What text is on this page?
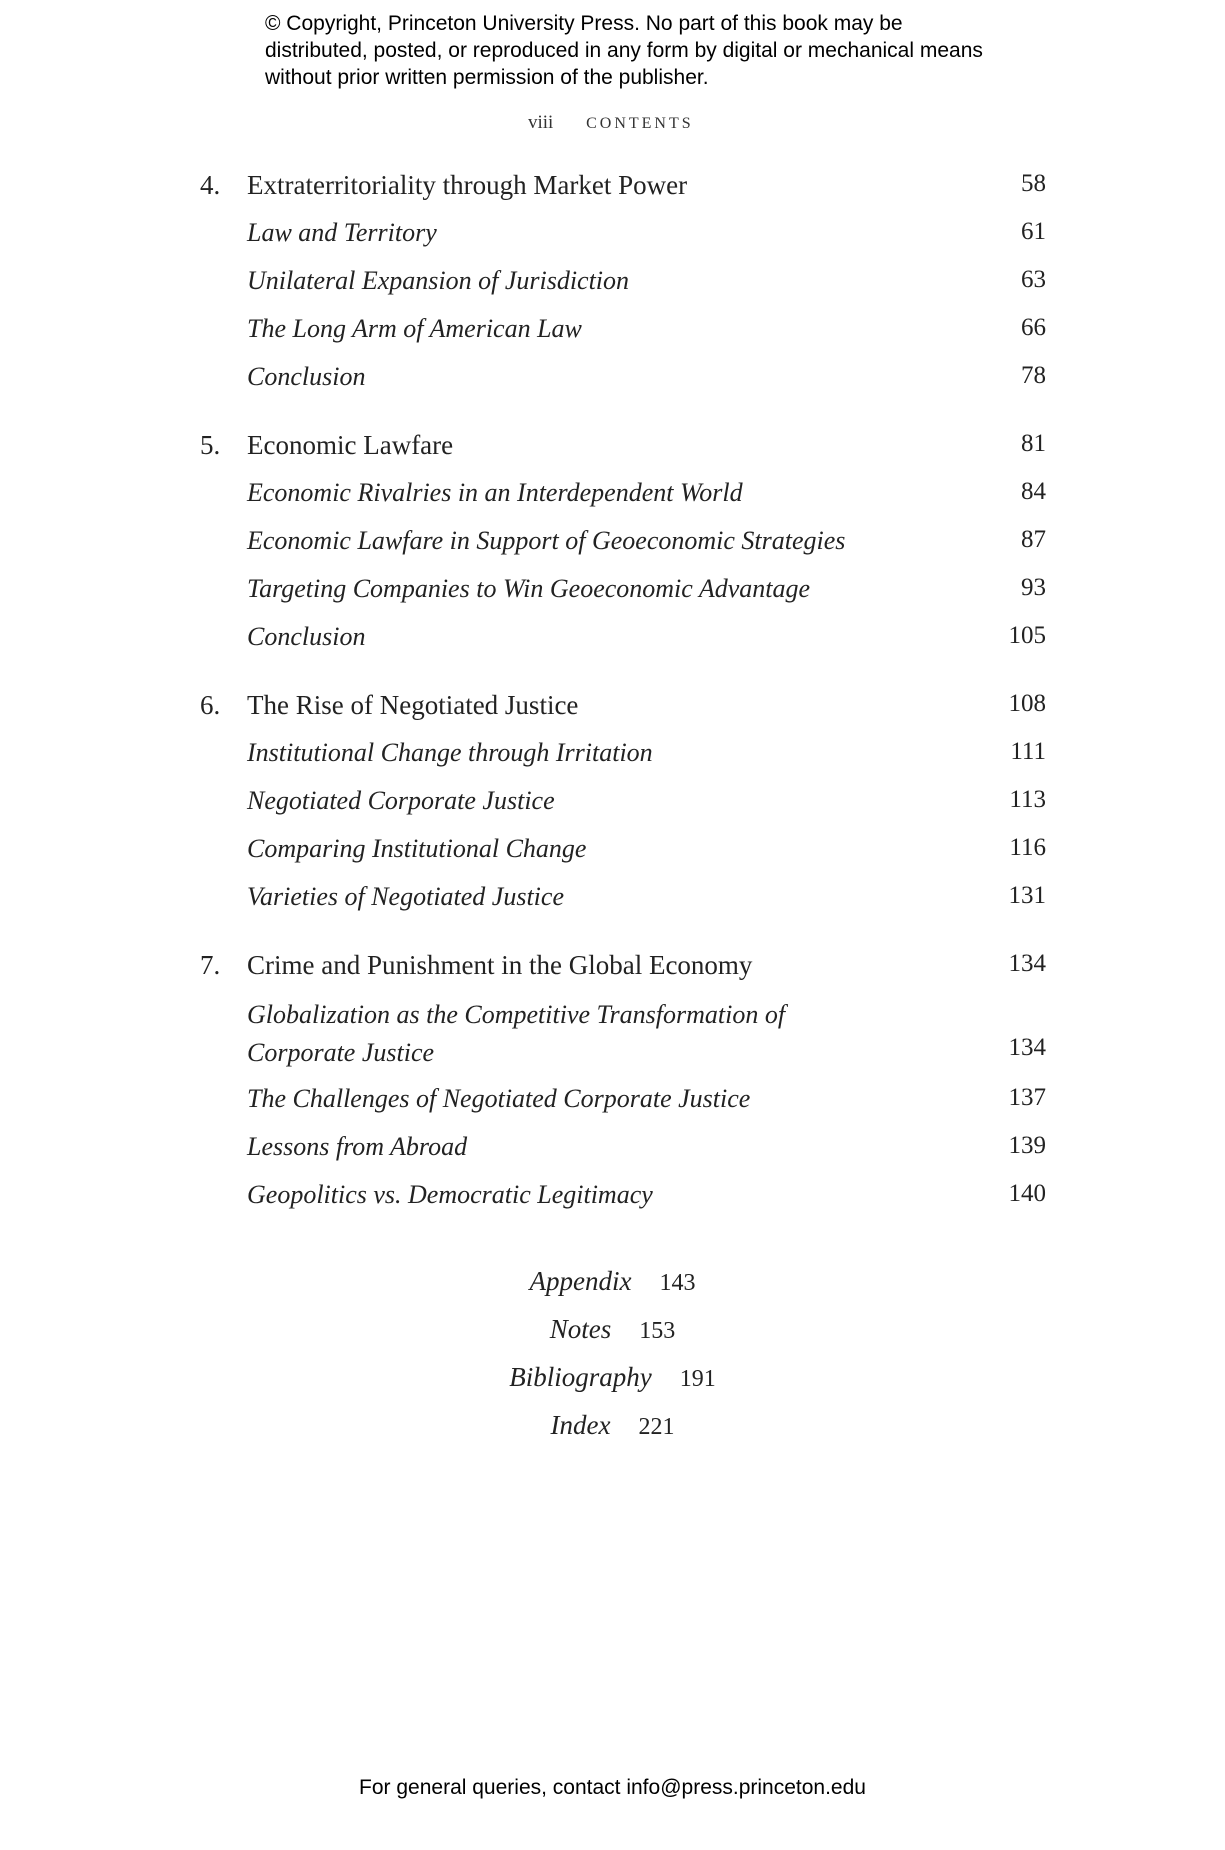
© Copyright, Princeton University Press. No part of this book may be distributed, posted, or reproduced in any form by digital or mechanical means without prior written permission of the publisher.
viii CONTENTS
4. Extraterritoriality through Market Power	58
Law and Territory	61
Unilateral Expansion of Jurisdiction	63
The Long Arm of American Law	66
Conclusion	78
5. Economic Lawfare	81
Economic Rivalries in an Interdependent World	84
Economic Lawfare in Support of Geoeconomic Strategies	87
Targeting Companies to Win Geoeconomic Advantage	93
Conclusion	105
6. The Rise of Negotiated Justice	108
Institutional Change through Irritation	111
Negotiated Corporate Justice	113
Comparing Institutional Change	116
Varieties of Negotiated Justice	131
7. Crime and Punishment in the Global Economy	134
Globalization as the Competitive Transformation of Corporate Justice	134
The Challenges of Negotiated Corporate Justice	137
Lessons from Abroad	139
Geopolitics vs. Democratic Legitimacy	140
Appendix 143
Notes 153
Bibliography 191
Index 221
For general queries, contact info@press.princeton.edu
